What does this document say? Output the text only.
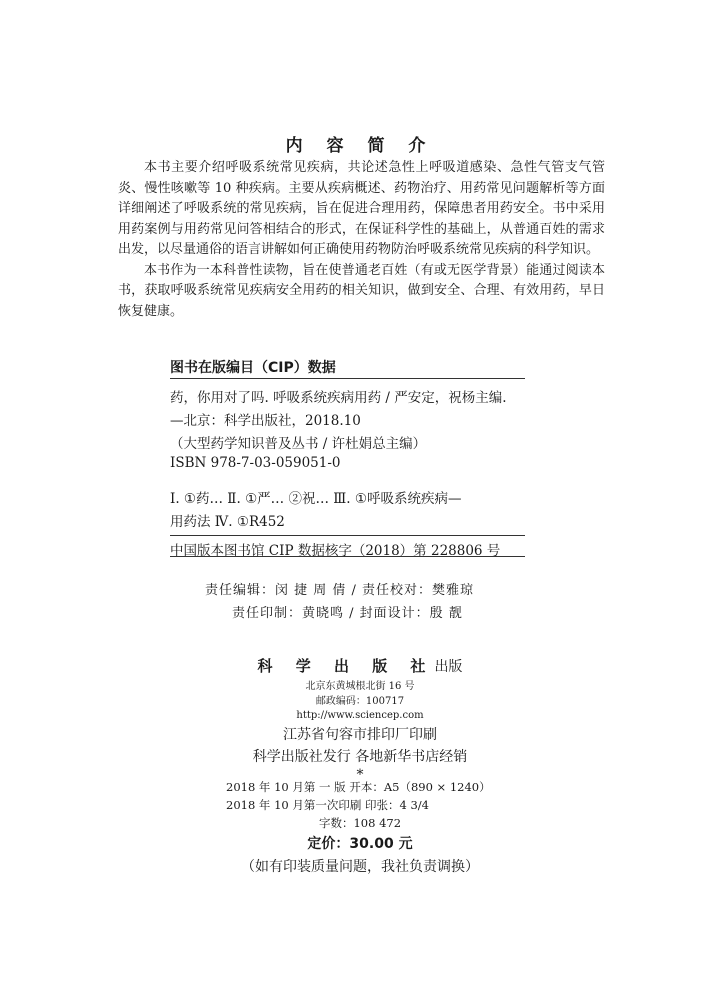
内 容 简 介

本书主要介绍呼吸系统常见疾病，共论述急性上呼吸道感染、急性气管支气管炎、慢性咳嗽等 10 种疾病。主要从疾病概述、药物治疗、用药常见问题解析等方面详细阐述了呼吸系统的常见疾病，旨在促进合理用药，保障患者用药安全。书中采用用药案例与用药常见问答相结合的形式，在保证科学性的基础上，从普通百姓的需求出发，以尽量通俗的语言讲解如何正确使用药物防治呼吸系统常见疾病的科学知识。

本书作为一本科普性读物，旨在使普通老百姓（有或无医学背景）能通过阅读本书，获取呼吸系统常见疾病安全用药的相关知识，做到安全、合理、有效用药，早日恢复健康。

图书在版编目（CIP）数据
药，你用对了吗. 呼吸系统疾病用药 / 严安定，祝杨主编.
—北京：科学出版社，2018.10
（大型药学知识普及丛书 / 许杜娟总主编）
ISBN 978-7-03-059051-0
Ⅰ. ①药… Ⅱ. ①严… ②祝… Ⅲ. ①呼吸系统疾病—
用药法 Ⅳ. ①R452
中国版本图书馆 CIP 数据核字（2018）第 228806 号
责任编辑：闵 捷 周 倩 / 责任校对：樊雅琼
责任印制：黄晓鸣 / 封面设计：殷 靓
科 学 出 版 社出版
北京东黄城根北街 16 号
邮政编码：100717
http://www.sciencep.com
江苏省句容市排印厂印刷
科学出版社发行 各地新华书店经销
*
2018 年 10 月第 一 版 开本：A5（890 × 1240）
2018 年 10 月第一次印刷 印张：4 3/4
字数：108 472
定价：30.00 元
（如有印装质量问题，我社负责调换）
